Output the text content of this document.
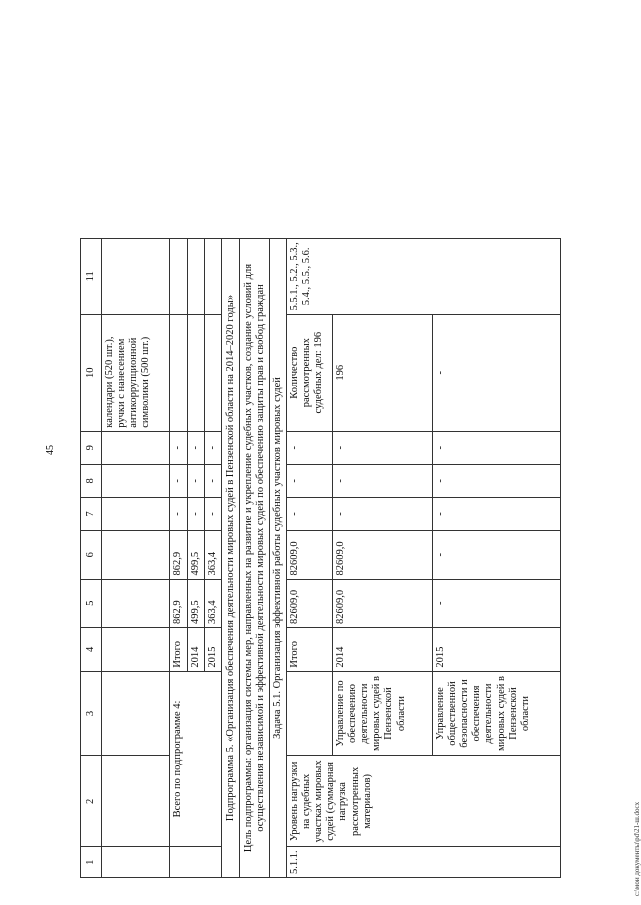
45
c:\мои документы\pd\21-ш.docx
1	2	3	4	5	6	7	8	9	10	11
									календари (520 шт.), ручки с нанесением антикоррупционной символики (500 шт.)	
	Всего по подпрограмме 4:		Итого	862,9	862,9	-	-	-		
			2014	499,5	499,5	-	-	-		
			2015	363,4	363,4	-	-	-		
Подпрограмма 5. «Организация обеспечения деятельности мировых судей в Пензенской области на 2014–2020 годы»										
Цель подпрограммы: организация системы мер, направленных на развитие и укрепление судебных участков, создание условий для осуществления независимой и эффективной деятельности мировых судей по обеспечению защиты прав и свобод граждан										
Задача 5.1. Организация эффективной работы судебных участков мировых судей										
5.1.1.	Уровень нагрузки на судебных участках мировых судей (суммарная нагрузка рассмотренных материалов)		Итого	82609,0	82609,0	-	-	-	Количество рассмотренных судебных дел: 196	5.5.1., 5.2., 5.3., 5.4., 5.5., 5.6.
		Управление по обеспечению деятельности мировых судей в Пензенской области	2014	82609,0	82609,0	-	-	-	196	
		Управление общественной безопасности и обеспечения деятельности мировых судей в Пензенской области	2015	-	-	-	-	-	-	
